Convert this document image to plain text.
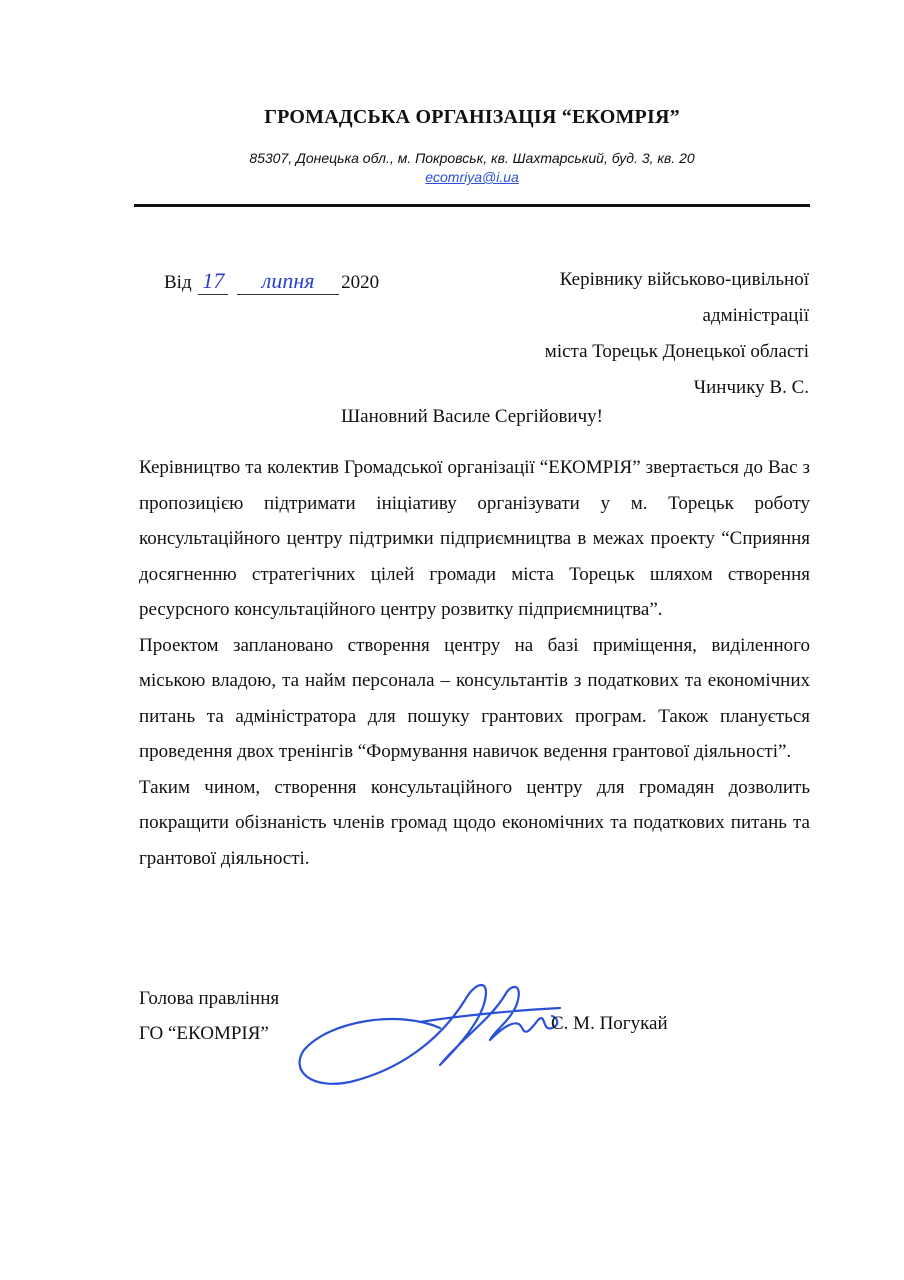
ГРОМАДСЬКА ОРГАНІЗАЦІЯ “ЕКОМРІЯ”
85307, Донецька обл., м. Покровськ, кв. Шахтарський, буд. 3, кв. 20
ecomriya@i.ua
Від 17 липня 2020	Керівнику військово-цивільної
адміністрації
міста Торецьк Донецької області
Чинчику В. С.
Шановний Василе Сергійовичу!

Керівництво та колектив Громадської організації “ЕКОМРІЯ” звертається до Вас з пропозицією підтримати ініціативу організувати у м. Торецьк роботу консультаційного центру підтримки підприємництва в межах проекту “Сприяння досягненню стратегічних цілей громади міста Торецьк шляхом створення ресурсного консультаційного центру розвитку підприємництва”.

Проектом заплановано створення центру на базі приміщення, виділенного міською владою, та найм персонала – консультантів з податкових та економічних питань та адміністратора для пошуку грантових програм. Також планується проведення двох тренінгів “Формування навичок ведення грантової діяльності”.

Таким чином, створення консультаційного центру для громадян дозволить покращити обізнаність членів громад щодо економічних та податкових питань та грантової діяльності.

Голова правління
ГО “ЕКОМРІЯ”	С. М. Погукай
